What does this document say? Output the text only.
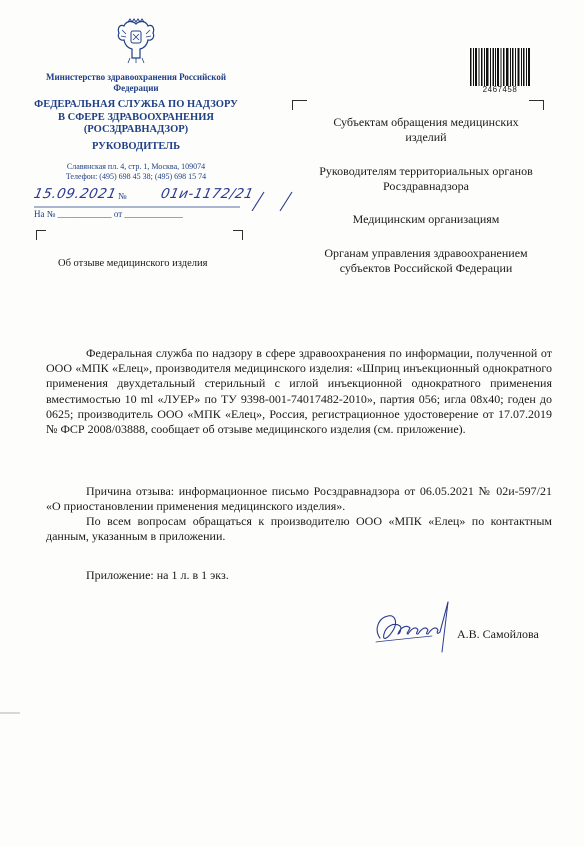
Министерство здравоохранения Российской Федерации
ФЕДЕРАЛЬНАЯ СЛУЖБА ПО НАДЗОРУ В СФЕРЕ ЗДРАВООХРАНЕНИЯ (РОСЗДРАВНАДЗОР)
РУКОВОДИТЕЛЬ
Славянская пл. 4, стр. 1, Москва, 109074
Телефон: (495) 698 45 38; (495) 698 15 74
15.09.2021 № 01и-1172/21
На № ____________ от _____________
Об отзыве медицинского изделия
2467458
Субъектам обращения медицинских изделий
Руководителям территориальных органов Росздравнадзора
Медицинским организациям
Органам управления здравоохранением субъектов Российской Федерации
Федеральная служба по надзору в сфере здравоохранения по информации, полученной от ООО «МПК «Елец», производителя медицинского изделия: «Шприц инъекционный однократного применения двухдетальный стерильный с иглой инъекционной однократного применения вместимостью 10 ml «ЛУЕР» по ТУ 9398-001-74017482-2010», партия 056; игла 08х40; годен до 0625; производитель ООО «МПК «Елец», Россия, регистрационное удостоверение от 17.07.2019 № ФСР 2008/03888, сообщает об отзыве медицинского изделия (см. приложение).
Причина отзыва: информационное письмо Росздравнадзора от 06.05.2021 № 02и-597/21 «О приостановлении применения медицинского изделия».
По всем вопросам обращаться к производителю ООО «МПК «Елец» по контактным данным, указанным в приложении.
Приложение: на 1 л. в 1 экз.
А.В. Самойлова
